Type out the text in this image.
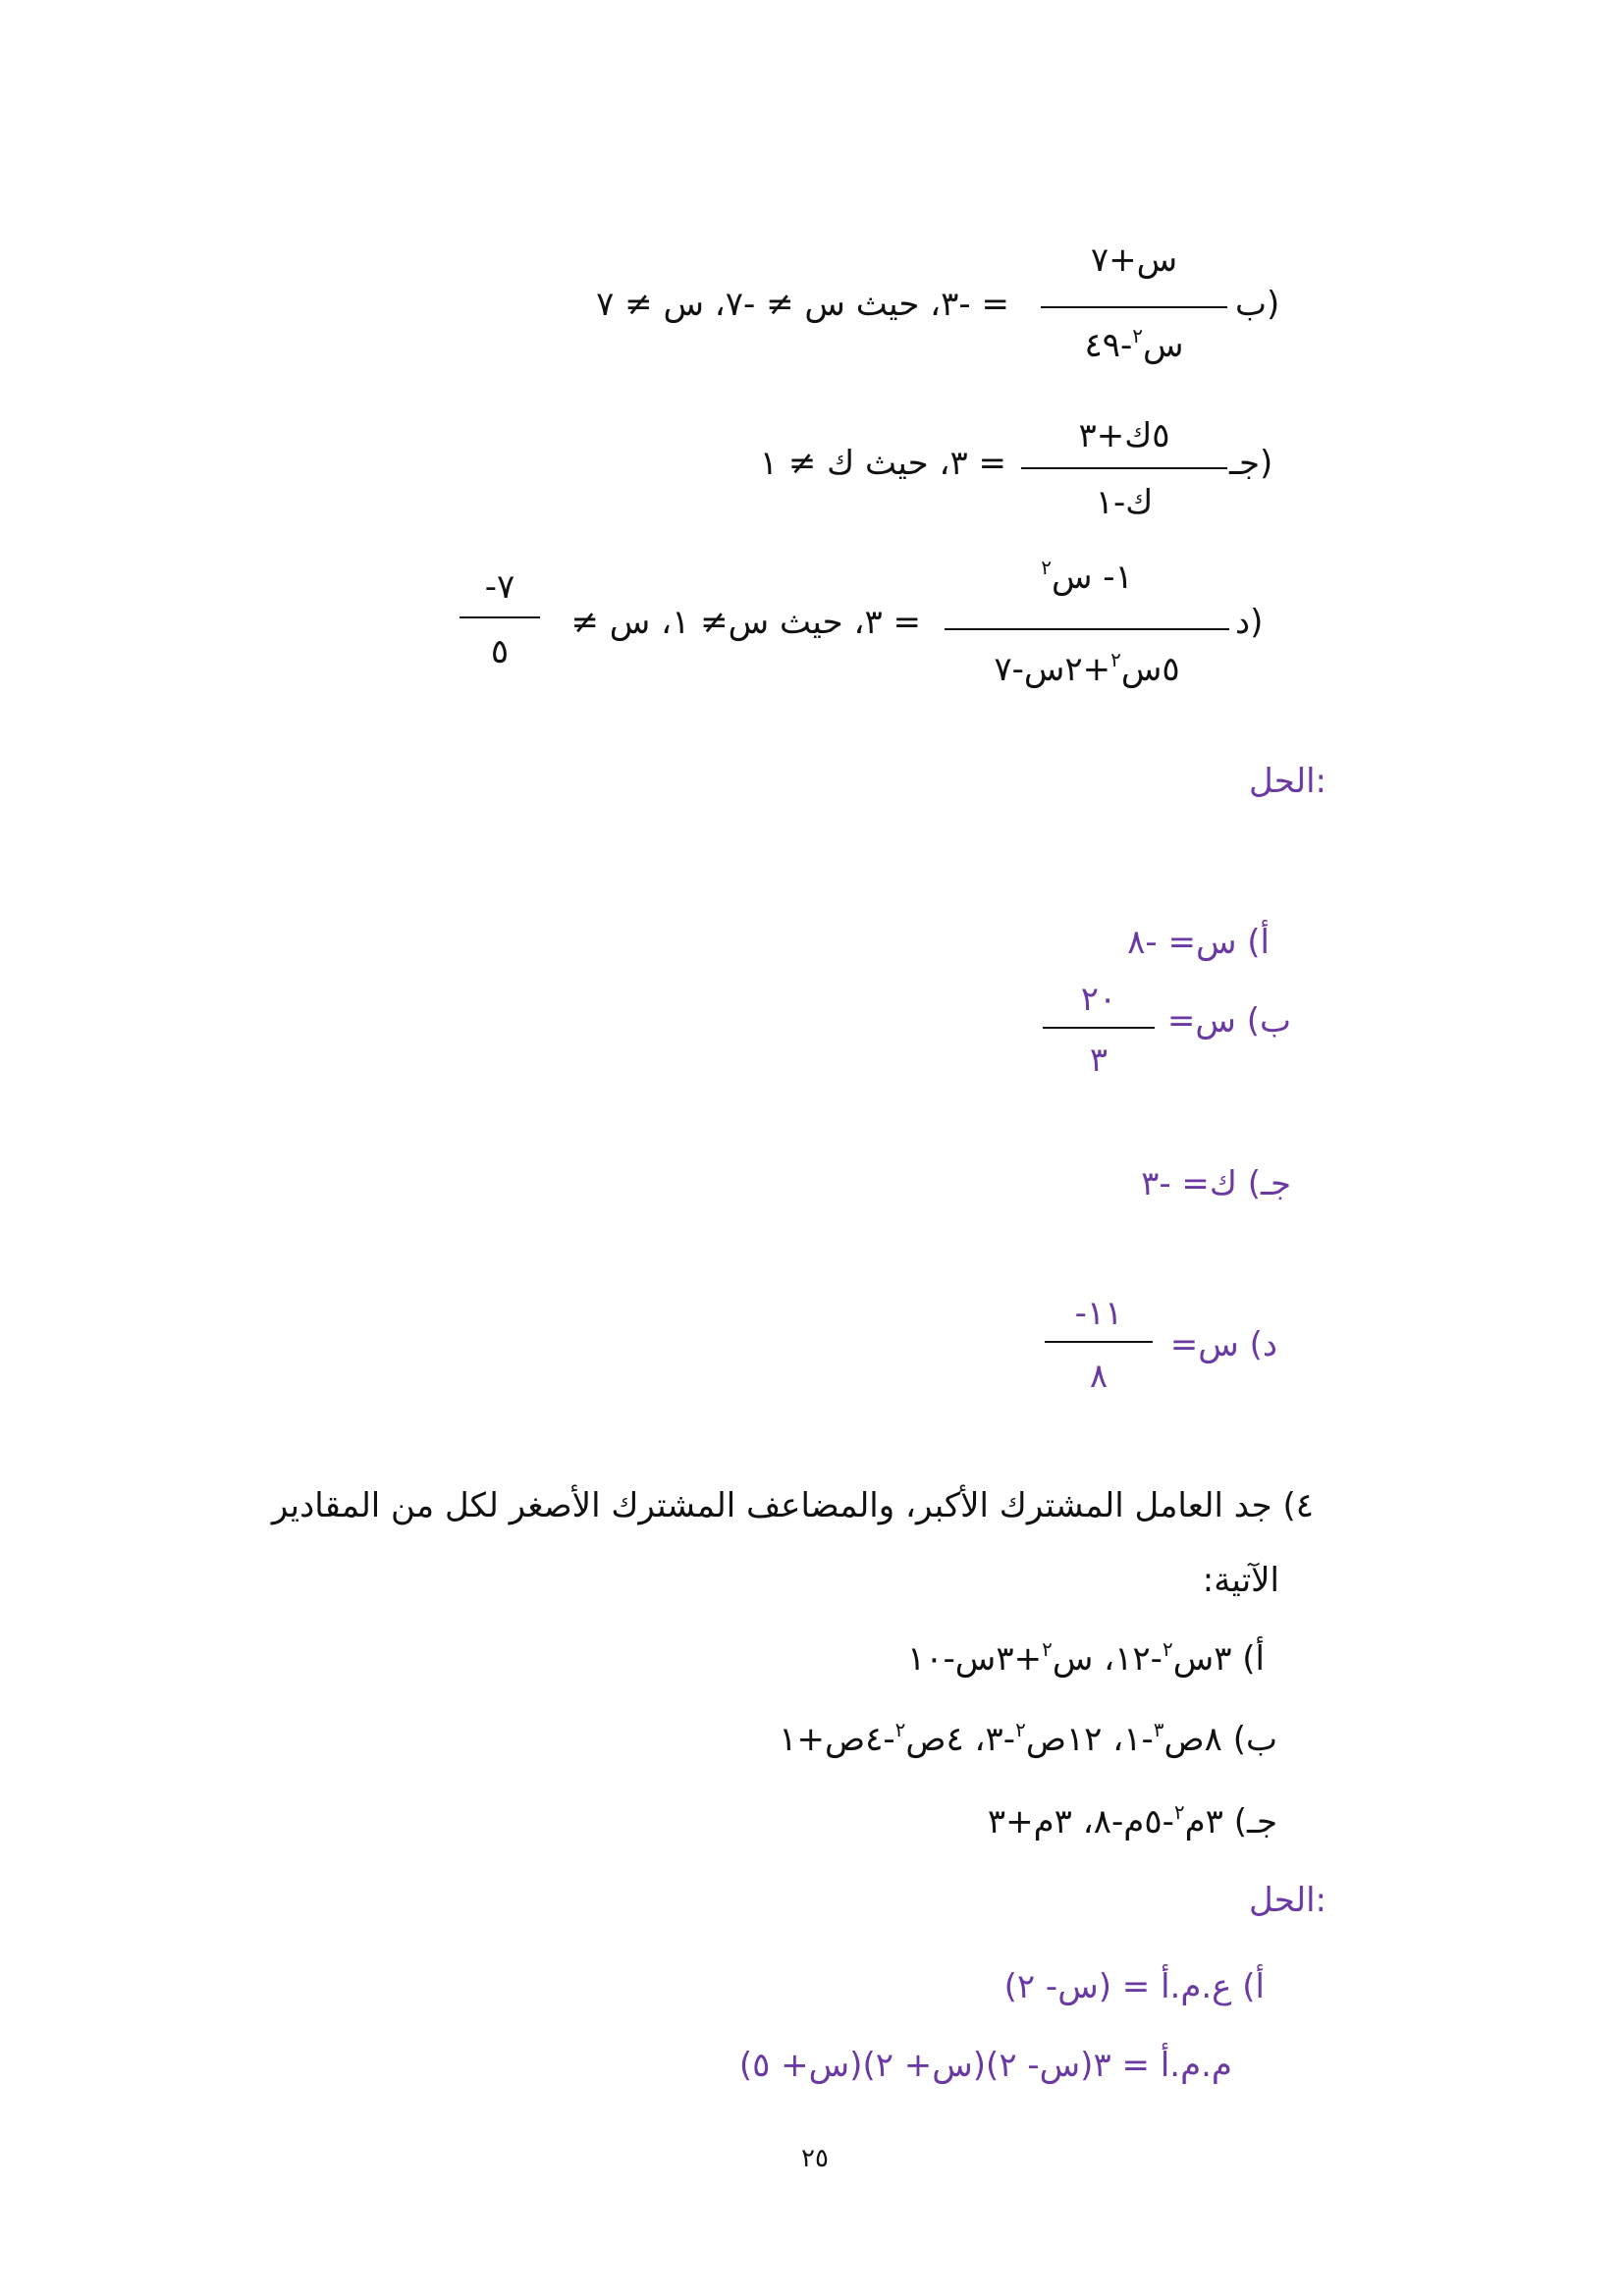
ب)
س+٧
س$^٢$-٤٩
= -٣، حيث س ≠ -٧، س ≠ ٧
جـ)
٥ك+٣
ك-١
= ٣، حيث ك ≠ ١
د)
١- س$^٢$
٥س$^٢$+٢س-٧
= ٣، حيث س≠ ١، س ≠
-٧
٥
الحل:
أ) س= -٨
ب) س=
٢٠
٣
جـ) ك= -٣
د) س=
-١١
٨
٤) جد العامل المشترك الأكبر، والمضاعف المشترك الأصغر لكل من المقادير
الآتية:
أ) ٣س$^٢$-١٢، س$^٢$+٣س-١٠
ب) ٨ص$^٣$-١، ١٢ص$^٢$-٣، ٤ص$^٢$-٤ص+١
جـ) ٣م$^٢$-٥م-٨، ٣م+٣
الحل:
أ) ع.م.أ = (س- ٢)
م.م.أ = ٣(س- ٢)(س+ ٢)(س+ ٥)
٢٥
